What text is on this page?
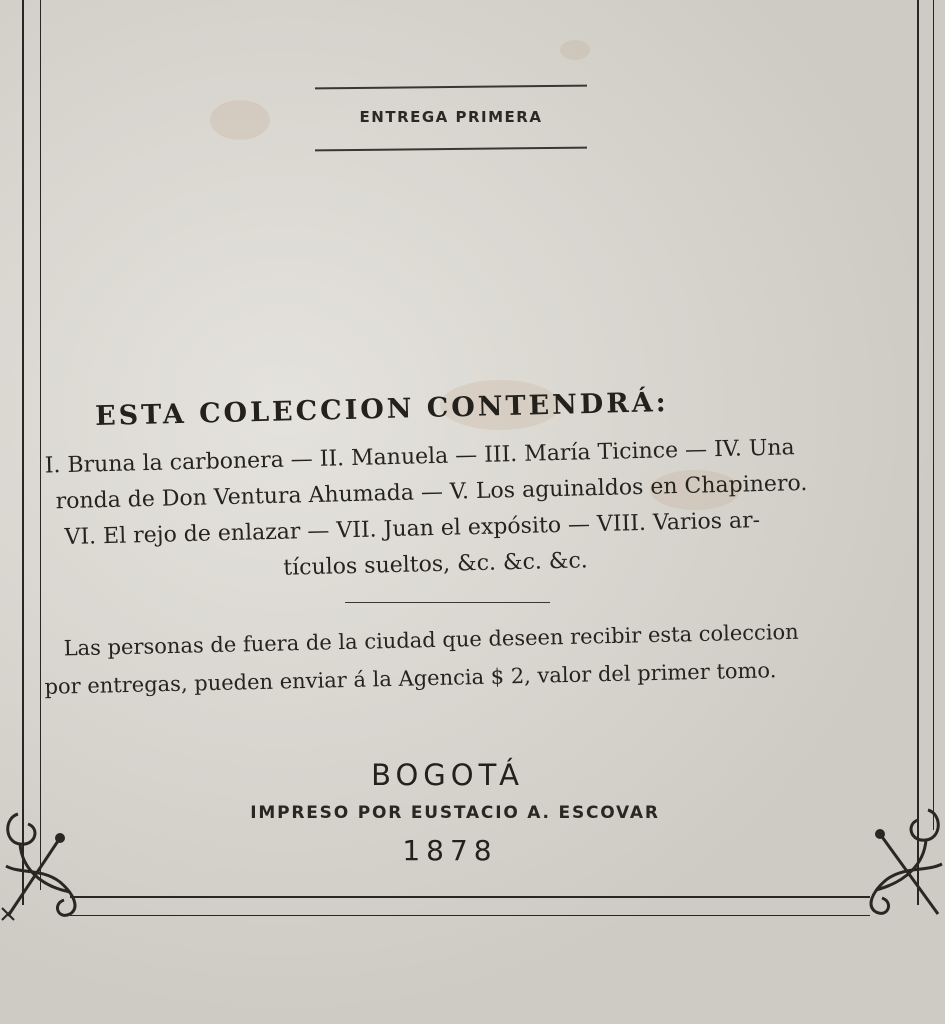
ENTREGA PRIMERA
ESTA COLECCION CONTENDRÁ:
I. Bruna la carbonera — II. Manuela — III. María Ticince — IV. Una
ronda de Don Ventura Ahumada — V. Los aguinaldos en Chapinero.
VI. El rejo de enlazar — VII. Juan el expósito — VIII. Varios ar-
tículos sueltos, &c. &c. &c.
Las personas de fuera de la ciudad que deseen recibir esta coleccion
por entregas, pueden enviar á la Agencia $ 2, valor del primer tomo.
BOGOTÁ
IMPRESO POR EUSTACIO A. ESCOVAR
1878
